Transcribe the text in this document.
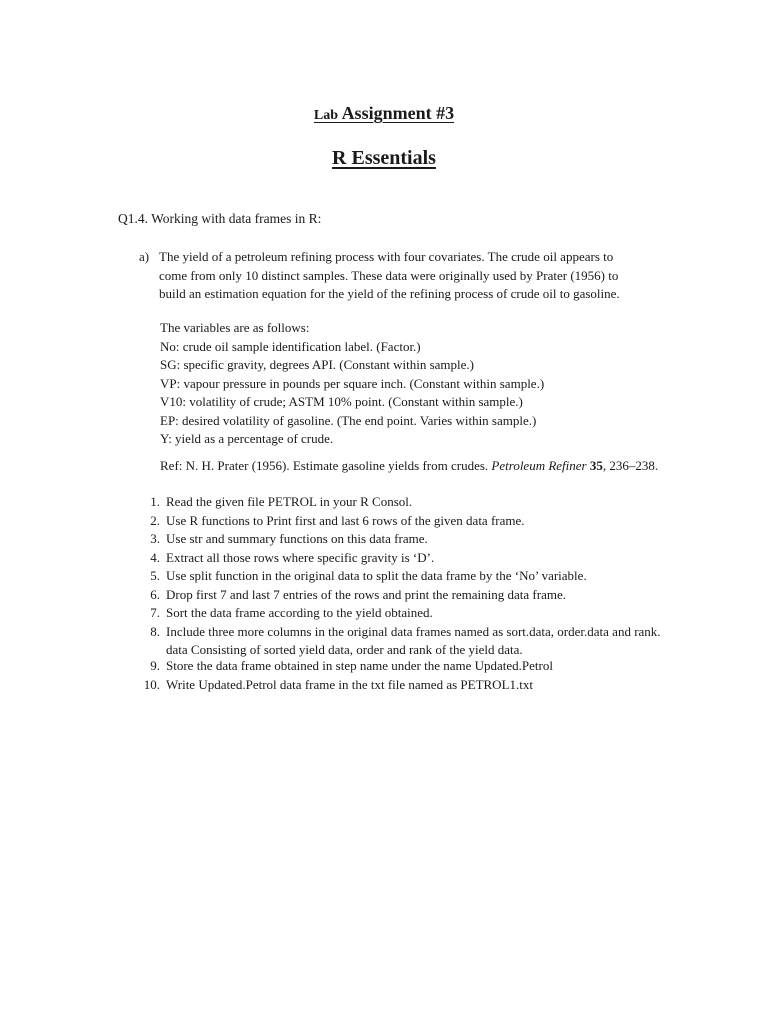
Lab Assignment #3
R Essentials
Q1.4. Working with data frames in R:
a) The yield of a petroleum refining process with four covariates. The crude oil appears to
come from only 10 distinct samples. These data were originally used by Prater (1956) to
build an estimation equation for the yield of the refining process of crude oil to gasoline.
The variables are as follows:
No: crude oil sample identification label. (Factor.)
SG: specific gravity, degrees API. (Constant within sample.)
VP: vapour pressure in pounds per square inch. (Constant within sample.)
V10: volatility of crude; ASTM 10% point. (Constant within sample.)
EP: desired volatility of gasoline. (The end point. Varies within sample.)
Y: yield as a percentage of crude.
Ref: N. H. Prater (1956). Estimate gasoline yields from crudes. Petroleum Refiner 35, 236–238.
1. Read the given file PETROL in your R Consol.
2. Use R functions to Print first and last 6 rows of the given data frame.
3. Use str and summary functions on this data frame.
4. Extract all those rows where specific gravity is ‘D’.
5. Use split function in the original data to split the data frame by the ‘No’ variable.
6. Drop first 7 and last 7 entries of the rows and print the remaining data frame.
7. Sort the data frame according to the yield obtained.
8. Include three more columns in the original data frames named as sort.data, order.data and rank.
data Consisting of sorted yield data, order and rank of the yield data.
9. Store the data frame obtained in step name under the name Updated.Petrol
10. Write Updated.Petrol data frame in the txt file named as PETROL1.txt
